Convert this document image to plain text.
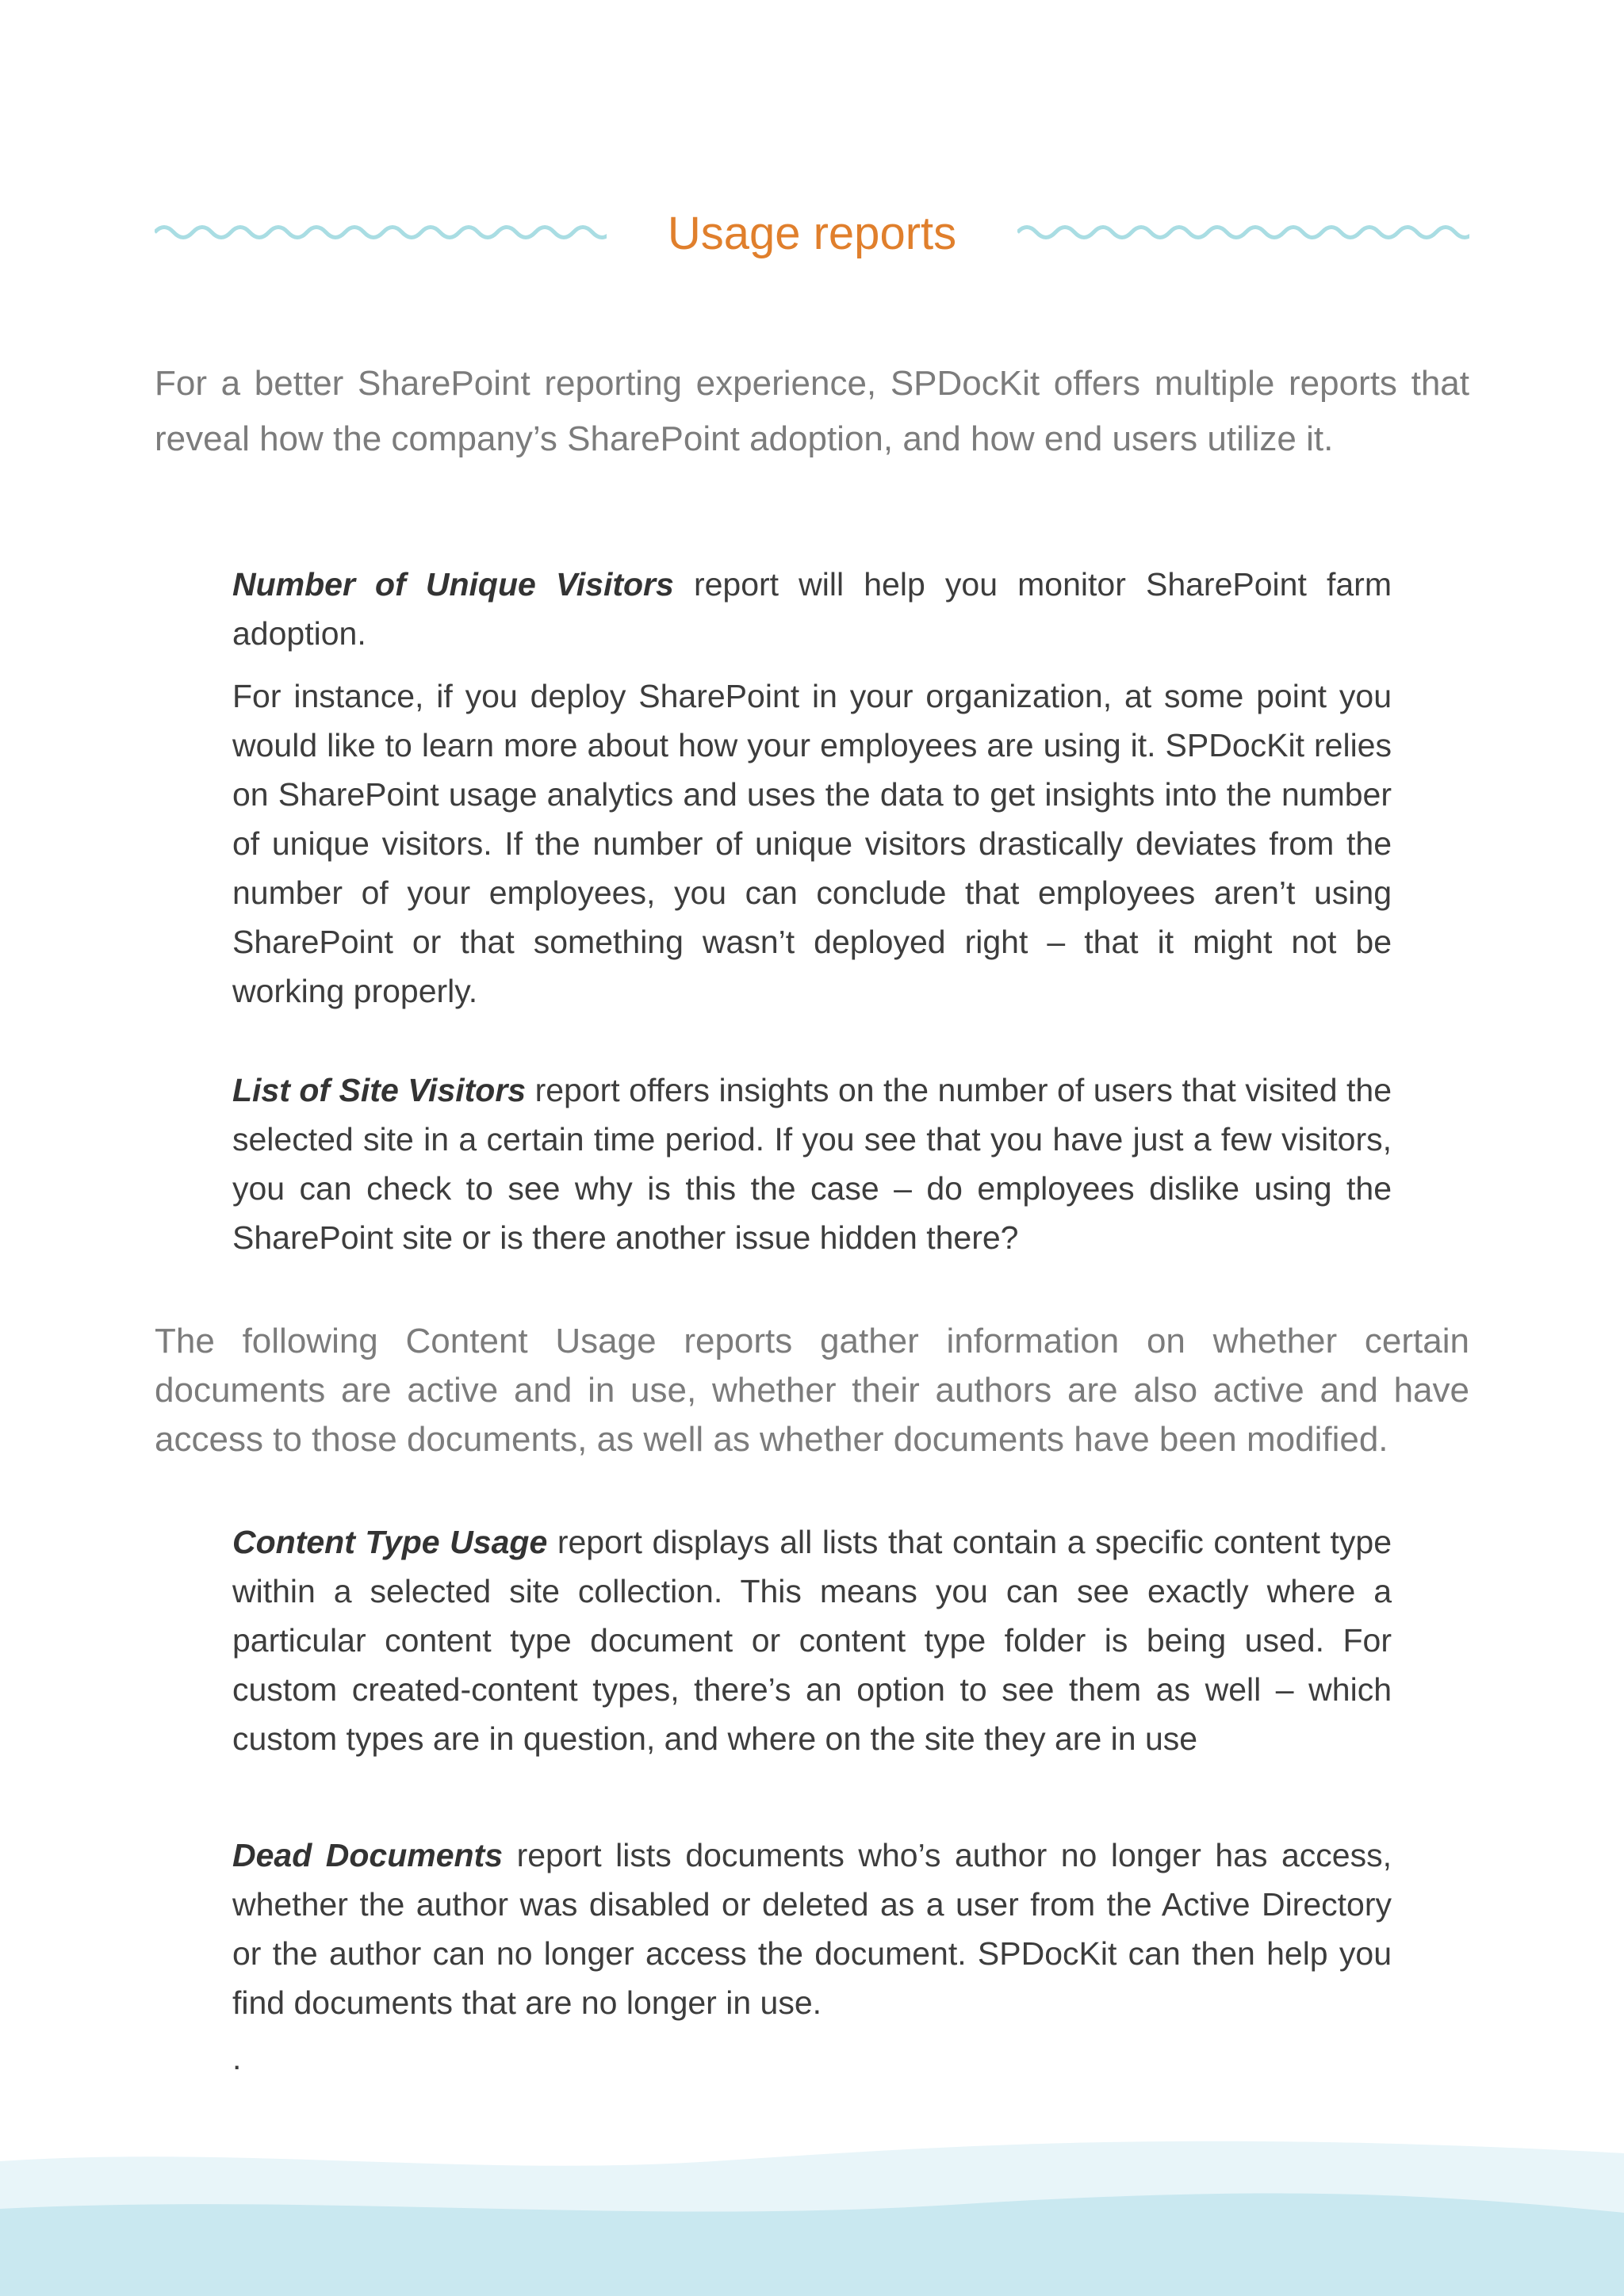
Usage reports

For a better SharePoint reporting experience, SPDocKit offers multiple reports that reveal how the company’s SharePoint adoption, and how end users utilize it.

Number of Unique Visitors report will help you monitor SharePoint farm adoption.

For instance, if you deploy SharePoint in your organization, at some point you would like to learn more about how your employees are using it. SPDocKit relies on SharePoint usage analytics and uses the data to get insights into the number of unique visitors. If the number of unique visitors drastically deviates from the number of your employees, you can conclude that employees aren’t using SharePoint or that something wasn’t deployed right – that it might not be working properly.

List of Site Visitors report offers insights on the number of users that visited the selected site in a certain time period. If you see that you have just a few visitors, you can check to see why is this the case – do employees dislike using the SharePoint site or is there another issue hidden there?

The following Content Usage reports gather information on whether certain documents are active and in use, whether their authors are also active and have access to those documents, as well as whether documents have been modified.

Content Type Usage report displays all lists that contain a specific content type within a selected site collection. This means you can see exactly where a particular content type document or content type folder is being used. For custom created-content types, there’s an option to see them as well – which custom types are in question, and where on the site they are in use

Dead Documents report lists documents who’s author no longer has access, whether the author was disabled or deleted as a user from the Active Directory or the author can no longer access the document. SPDocKit can then help you find documents that are no longer in use.

.
